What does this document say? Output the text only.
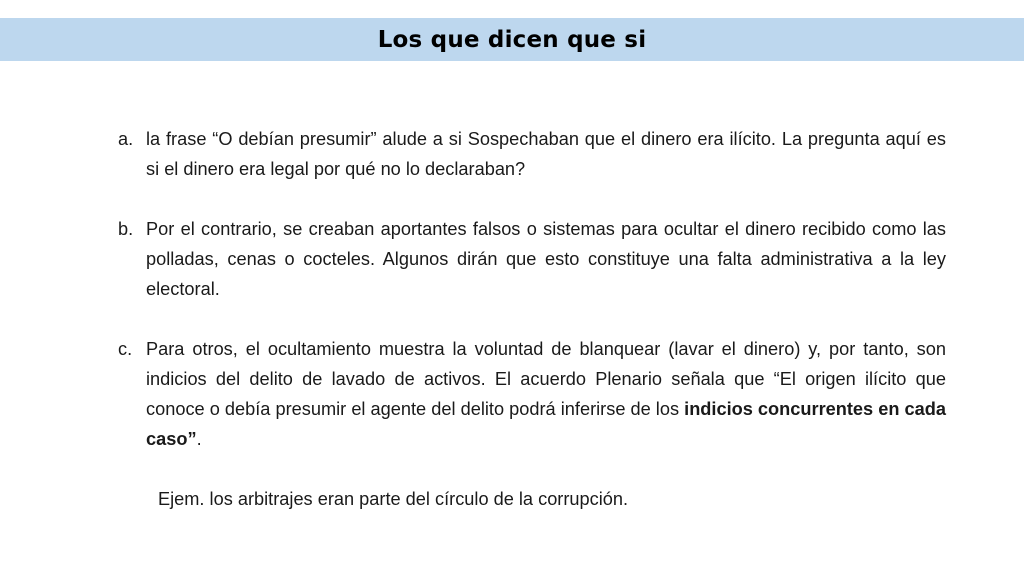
Los que dicen que si

a. la frase “O debían presumir” alude a si Sospechaban que el dinero era ilícito. La pregunta aquí es si el dinero era legal por qué no lo declaraban?

b. Por el contrario, se creaban aportantes falsos o sistemas para ocultar el dinero recibido como las polladas, cenas o cocteles. Algunos dirán que esto constituye una falta administrativa a la ley electoral.

c. Para otros, el ocultamiento muestra la voluntad de blanquear (lavar el dinero) y, por tanto, son indicios del delito de lavado de activos. El acuerdo Plenario señala que “El origen ilícito que conoce o debía presumir el agente del delito podrá inferirse de los indicios concurrentes en cada caso”.

Ejem. los arbitrajes eran parte del círculo de la corrupción.
